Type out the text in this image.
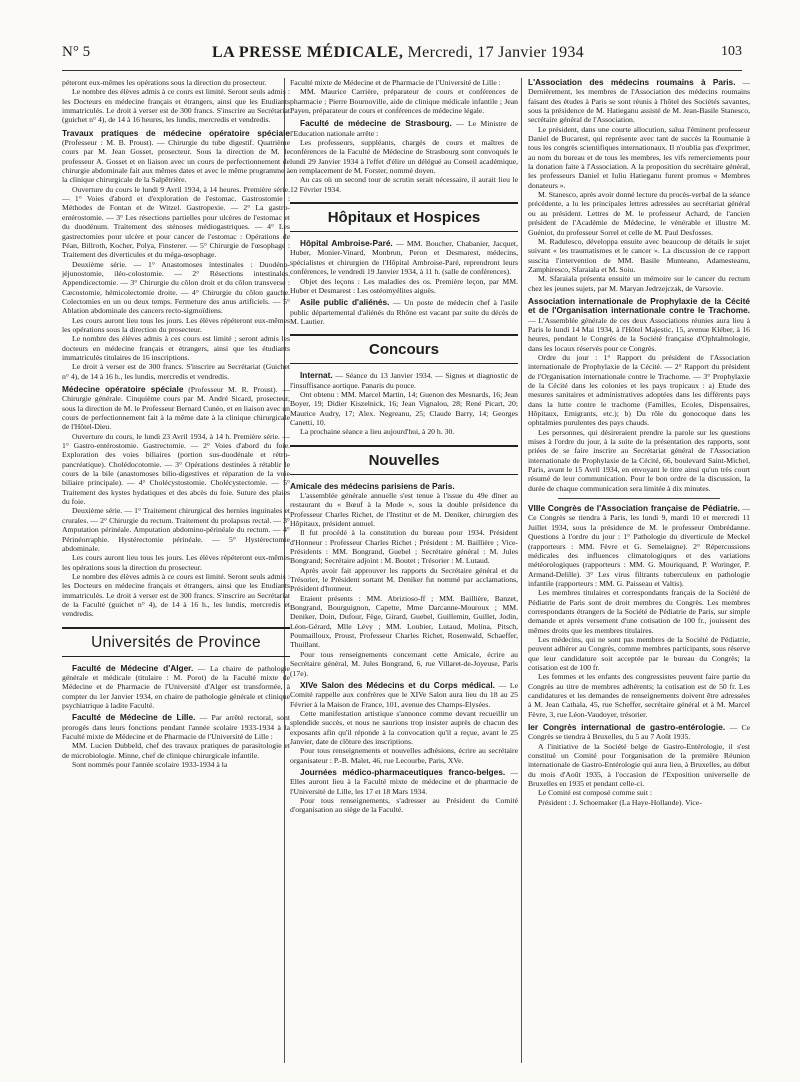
N° 5	LA PRESSE MÉDICALE, Mercredi, 17 Janvier 1934	103

péteront eux-mêmes les opérations sous la direction du prosecteur.

Le nombre des élèves admis à ce cours est limité. Seront seuls admis : les Docteurs en médecine français et étrangers, ainsi que les Etudiants immatriculés. Le droit à verser est de 300 francs. S'inscrire au Secrétariat (guichet n° 4), de 14 à 16 heures, les lundis, mercredis et vendredis.

Travaux pratiques de médecine opératoire spéciale (Professeur : M. B. Proust). — Chirurgie du tube digestif. Quatrième cours par M. Jean Gosset, prosecteur. Sous la direction de M. le professeur A. Gosset et en liaison avec un cours de perfectionnement de chirurgie abdominale fait aux mêmes dates et avec le même programme à la clinique chirurgicale de la Salpêtrière.

Ouverture du cours le lundi 9 Avril 1934, à 14 heures. Première série. — 1° Voies d'abord et d'exploration de l'estomac. Gastrostomie : Méthodes de Fontan et de Witzel. Gastropexie. — 2° La gastro-entérostomie. — 3° Les résections partielles pour ulcères de l'estomac et du duodénum. Traitement des sténoses médiogastriques. — 4° Les gastrectomies pour ulcère et pour cancer de l'estomac : Opérations de Péan, Billroth, Kocher, Polya, Finsterer. — 5° Chirurgie de l'œsophage : Traitement des diverticules et du méga-œsophage.

Deuxième série. — 1° Anastomoses intestinales : Duodéno-jéjunostomie, iléo-colostomie. — 2° Résections intestinales. Appendicectomie. — 3° Chirurgie du côlon droit et du côlon transverse : Cæcostomie, hémicolectomie droite. — 4° Chirurgie du côlon gauche. Colectomies en un ou deux temps. Fermeture des anus artificiels. — 5° Ablation abdominale des cancers recto-sigmoïdiens.

Les cours auront lieu tous les jours. Les élèves répéteront eux-mêmes les opérations sous la direction du prosecteur.

Le nombre des élèves admis à ces cours est limité ; seront admis les docteurs en médecine français et étrangers, ainsi que les étudiants immatriculés titulaires de 16 inscriptions.

Le droit à verser est de 300 francs. S'inscrire au Secrétariat (Guichet n° 4), de 14 à 16 h., les lundis, mercredis et vendredis.

Médecine opératoire spéciale (Professeur M. R. Proust). — Chirurgie générale. Cinquième cours par M. André Sicard, prosecteur, sous la direction de M. le Professeur Bernard Cunéo, et en liaison avec un cours de perfectionnement fait à la même date à la clinique chirurgicale de l'Hôtel-Dieu.

Ouverture du cours, le lundi 23 Avril 1934, à 14 h. Première série. — 1° Gastro-entérostomie. Gastrectomie. — 2° Voies d'abord du foie. Exploration des voies biliaires (portion sus-duodénale et rétro-pancréatique). Cholédocotomie. — 3° Opérations destinées à rétablir le cours de la bile (anastomoses bilio-digestives et réparation de la voie biliaire principale). — 4° Cholécystostomie. Cholécystectomie. — 5° Traitement des kystes hydatiques et des abcès du foie. Suture des plaies du foie.

Deuxième série. — 1° Traitement chirurgical des hernies inguinales et crurales. — 2° Chirurgie du rectum. Traitement du prolapsus rectal. — 3° Amputation périnéale. Amputation abdomino-périnéale du rectum. — 4° Périnéorraphie. Hystérectomie périnéale. — 5° Hystérectomie abdominale.

Les cours auront lieu tous les jours. Les élèves répéteront eux-mêmes les opérations sous la direction du prosecteur.

Le nombre des élèves admis à ce cours est limité. Seront seuls admis : les Docteurs en médecine français et étrangers, ainsi que les Etudiants immatriculés. Le droit à verser est de 300 francs. S'inscrire au Secrétariat de la Faculté (guichet n° 4), de 14 à 16 h., les lundis, mercredis et vendredis.

Universités de Province

Faculté de Médecine d'Alger. — La chaire de pathologie générale et médicale (titulaire : M. Porot) de la Faculté mixte de Médecine et de Pharmacie de l'Université d'Alger est transformée, à compter du 1er Janvier 1934, en chaire de pathologie générale et clinique psychiatrique à ladite Faculté.

Faculté de Médecine de Lille. — Par arrêté rectoral, sont prorogés dans leurs fonctions pendant l'année scolaire 1933-1934 à la Faculté mixte de Médecine et de Pharmacie de l'Université de Lille :

MM. Lucien Dubbeld, chef des travaux pratiques de parasitologie et de microbiologie. Minne, chef de clinique chirurgicale infantile.

Sont nommés pour l'année scolaire 1933-1934 à la

Faculté mixte de Médecine et de Pharmacie de l'Université de Lille :

MM. Maurice Carrière, préparateur de cours et conférences de pharmacie ; Pierre Bournoville, aide de clinique médicale infantile ; Jean Payen, préparateur de cours et conférences de médecine légale.

Faculté de médecine de Strasbourg. — Le Ministre de l'Education nationale arrête :

Les professeurs, suppléants, chargés de cours et maîtres de conférences de la Faculté de Médecine de Strasbourg sont convoqués le lundi 29 Janvier 1934 à l'effet d'élire un délégué au Conseil académique, en remplacement de M. Forster, nommé doyen.

Au cas où un second tour de scrutin serait nécessaire, il aurait lieu le 12 Février 1934.

Hôpitaux et Hospices

Hôpital Ambroise-Paré. — MM. Boucher, Chabanier, Jacquet, Huber, Monier-Vinard, Monbrun, Peron et Desmarest, médecins, spécialistes et chirurgien de l'Hôpital Ambroise-Paré, reprendront leurs conférences, le vendredi 19 Janvier 1934, à 11 h. (salle de conférences).

Objet des leçons : Les maladies des os. Première leçon, par MM. Huber et Desmarest : Les ostéomyélites aiguës.

Asile public d'aliénés. — Un poste de médecin chef à l'asile public départemental d'aliénés du Rhône est vacant par suite du décès de M. Lautier.

Concours

Internat. — Séance du 13 Janvier 1934. — Signes et diagnostic de l'insuffisance aortique. Panaris du pouce.

Ont obtenu : MM. Marcel Martin, 14; Guenon des Mesnards, 16; Jean Boyer, 19; Didier Kiszelnick, 16; Jean Vignalou, 28; René Picart, 20; Maurice Audry, 17; Alex. Negreanu, 25; Claude Barry, 14; Georges Canetti, 10.

La prochaine séance a lieu aujourd'hui, à 20 h. 30.

Nouvelles

Amicale des médecins parisiens de Paris.

L'assemblée générale annuelle s'est tenue à l'issue du 49e dîner au restaurant du « Bœuf à la Mode », sous la double présidence du Professeur Charles Richet, de l'Institut et de M. Deniker, chirurgien des Hôpitaux, président annuel.

Il fut procédé à la constitution du bureau pour 1934. Président d'Honneur : Professeur Charles Richet ; Président : M. Baillière ; Vice-Présidents : MM. Bongrand, Guebel ; Secrétaire général : M. Jules Bongrand; Secrétaire adjoint : M. Boutet ; Trésorier : M. Lutaud.

Après avoir fait approuver les rapports du Secrétaire général et du Trésorier, le Président sortant M. Deniker fut nommé par acclamations, Président d'honneur.

Etaient présents : MM. Abrizioso-ff ; MM. Baillière, Banzet, Bongrand, Bourguignon, Capette, Mme Darcanne-Mouroux ; MM. Deniker, Doin, Dufour, Fège, Girard, Guebel, Guillemin, Guillet, Jodin, Léon-Gérard, Mlle Lévy ; MM. Loubier, Lutaud, Molina, Pitsch, Poumailloux, Proust, Professeur Charles Richet, Rosenwald, Schaeffer, Thuillant.

Pour tous renseignements concernant cette Amicale, écrire au Secrétaire général, M. Jules Bongrand, 6, rue Villaret-de-Joyeuse, Paris (17e).

XIVe Salon des Médecins et du Corps médical. — Le Comité rappelle aux confrères que le XIVe Salon aura lieu du 18 au 25 Février à la Maison de France, 101, avenue des Champs-Elysées.

Cette manifestation artistique s'annonce comme devant recueillir un splendide succès, et nous ne saurions trop insister auprès de chacun des exposants afin qu'il réponde à la convocation qu'il a reçue, avant le 25 Janvier, date de clôture des inscriptions.

Pour tous renseignements et nouvelles adhésions, écrire au secrétaire organisateur : P.-B. Malet, 46, rue Lecourbe, Paris, XVe.

Journées médico-pharmaceutiques franco-belges. — Elles auront lieu à la Faculté mixte de médecine et de pharmacie de l'Université de Lille, les 17 et 18 Mars 1934.

Pour tous renseignements, s'adresser au Président du Comité d'organisation au siège de la Faculté.

L'Association des médecins roumains à Paris. — Dernièrement, les membres de l'Association des médecins roumains faisant des études à Paris se sont réunis à l'hôtel des Sociétés savantes, sous la présidence de M. Hatieganu assisté de M. Jean-Basile Stanesco, secrétaire général de l'Association.

Le président, dans une courte allocution, salua l'éminent professeur Daniel de Bucarest, qui représente avec tant de succès la Roumanie à tous les congrès scientifiques internationaux. Il n'oublia pas d'exprimer, au nom du bureau et de tous les membres, les vifs remerciements pour la donation faite à l'Association. A la proposition du secrétaire général, les professeurs Daniel et Iuliu Hatieganu furent promus « Membres donateurs ».

M. Stanesco, après avoir donné lecture du procès-verbal de la séance précédente, a lu les principales lettres adressées au secrétariat général ou au président. Lettres de M. le professeur Achard, de l'ancien président de l'Académie de Médecine, le vénérable et illustre M. Guéniot, du professeur Sorrel et celle de M. Paul Desfosses.

M. Radulesco, développa ensuite avec beaucoup de détails le sujet suivant « les traumatismes et le cancer ». La discussion de ce rapport suscita l'intervention de MM. Basile Munteano, Adamesteanu, Zamphiresco, Sfaraiala et M. Soiu.

M. Sfaraiala présenta ensuite un mémoire sur le cancer du rectum chez les jeunes sujets, par M. Maryan Jedrzejczak, de Varsovie.

Association internationale de Prophylaxie de la Cécité et de l'Organisation internationale contre le Trachome. — L'Assemblée générale de ces deux Associations réunies aura lieu à Paris le lundi 14 Mai 1934, à l'Hôtel Majestic, 15, avenue Kléber, à 16 heures, pendant le Congrès de la Société française d'Ophtalmologie, dans les locaux réservés pour ce Congrès.

Ordre du jour : 1° Rapport du président de l'Association internationale de Prophylaxie de la Cécité. — 2° Rapport du président de l'Organisation internationale contre le Trachome. — 3° Prophylaxie de la Cécité dans les colonies et les pays tropicaux : a) Etude des mesures sanitaires et administratives adoptées dans les différents pays dans la lutte contre le trachome (Familles, Ecoles, Dispensaires, Hôpitaux, Emigrants, etc.); b) Du rôle du gonocoque dans les ophtalmies purulentes des pays chauds.

Les personnes, qui désireraient prendre la parole sur les questions mises à l'ordre du jour, à la suite de la présentation des rapports, sont priées de se faire inscrire au Secrétariat général de l'Association internationale de Prophylaxie de la Cécité, 66, boulevard Saint-Michel, Paris, avant le 15 Avril 1934, en envoyant le titre ainsi qu'un très court résumé de leur communication. Pour le bon ordre de la discussion, la durée de chaque communication sera limitée à dix minutes.

VIIIe Congrès de l'Association française de Pédiatrie. — Ce Congrès se tiendra à Paris, les lundi 9, mardi 10 et mercredi 11 Juillet 1934, sous la présidence de M. le professeur Ombrédanne. Questions à l'ordre du jour : 1° Pathologie du diverticule de Meckel (rapporteurs : MM. Fèvre et G. Semelaigne). 2° Répercussions médicales des influences climatologiques et des variations météorologiques (rapporteurs : MM. G. Mouriquand, P. Woringer, P. Armand-Delille). 3° Les virus filtrants tuberculeux en pathologie infantile (rapporteurs : MM. G. Paisseau et Valtis).

Les membres titulaires et correspondants français de la Société de Pédiatrie de Paris sont de droit membres du Congrès. Les membres correspondants étrangers de la Société de Pédiatrie de Paris, sur simple demande et après versement d'une cotisation de 100 fr., jouissent des mêmes droits que les membres titulaires.

Les médecins, qui ne sont pas membres de la Société de Pédiatrie, peuvent adhérer au Congrès, comme membres participants, sous réserve que leur candidature soit acceptée par le bureau du Congrès; la cotisation est de 100 fr.

Les femmes et les enfants des congressistes peuvent faire partie du Congrès au titre de membres adhérents; la cotisation est de 50 fr. Les candidatures et les demandes de renseignements doivent être adressées à M. Jean Cathala, 45, rue Scheffer, secrétaire général et à M. Marcel Fèvre, 3, rue Léon-Vaudoyer, trésorier.

Ier Congrès international de gastro-entérologie. — Ce Congrès se tiendra à Bruxelles, du 5 au 7 Août 1935.

A l'initiative de la Société belge de Gastro-Entérologie, il s'est constitué un Comité pour l'organisation de la première Réunion internationale de Gastro-Entérologie qui aura lieu, à Bruxelles, au début du mois d'Août 1935, à l'occasion de l'Exposition universelle de Bruxelles en 1935 et pendant celle-ci.

Le Comité est composé comme suit :

Président : J. Schoemaker (La Haye-Hollande). Vice-
